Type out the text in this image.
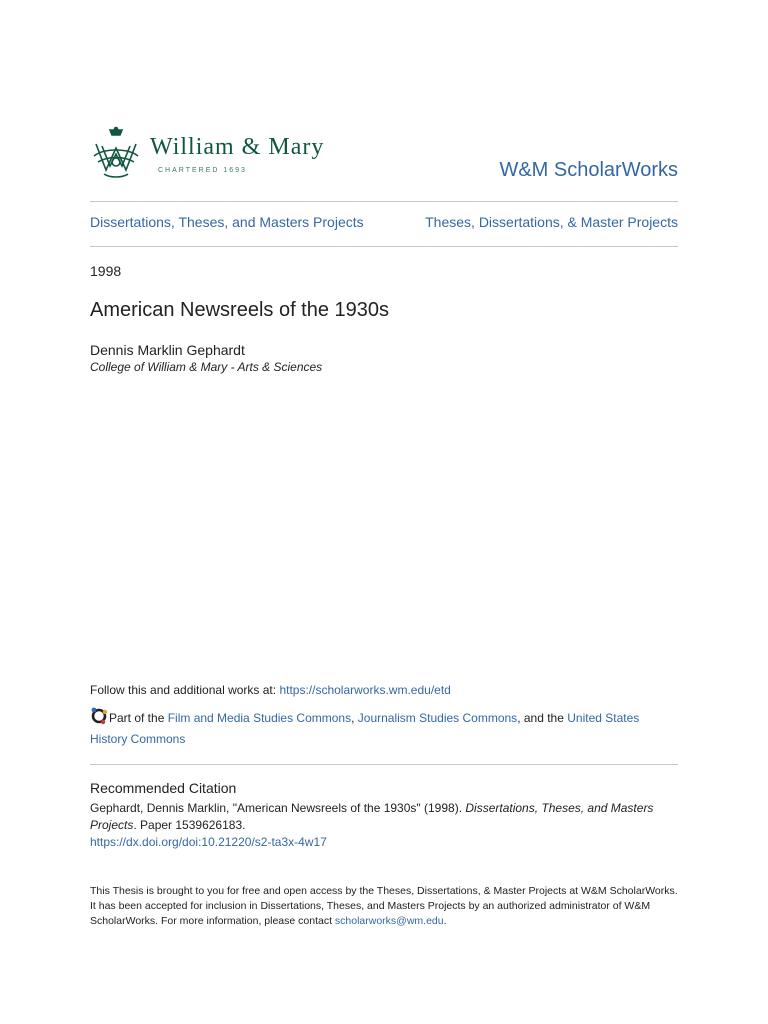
William & Mary
CHARTERED 1693	W&M ScholarWorks
Dissertations, Theses, and Masters Projects	Theses, Dissertations, & Master Projects
1998
American Newsreels of the 1930s
Dennis Marklin Gephardt
College of William & Mary - Arts & Sciences
Follow this and additional works at: https://scholarworks.wm.edu/etd
Part of the Film and Media Studies Commons, Journalism Studies Commons, and the United States History Commons
Recommended Citation
Gephardt, Dennis Marklin, "American Newsreels of the 1930s" (1998). Dissertations, Theses, and Masters Projects. Paper 1539626183.
https://dx.doi.org/doi:10.21220/s2-ta3x-4w17
This Thesis is brought to you for free and open access by the Theses, Dissertations, & Master Projects at W&M ScholarWorks. It has been accepted for inclusion in Dissertations, Theses, and Masters Projects by an authorized administrator of W&M ScholarWorks. For more information, please contact scholarworks@wm.edu.
